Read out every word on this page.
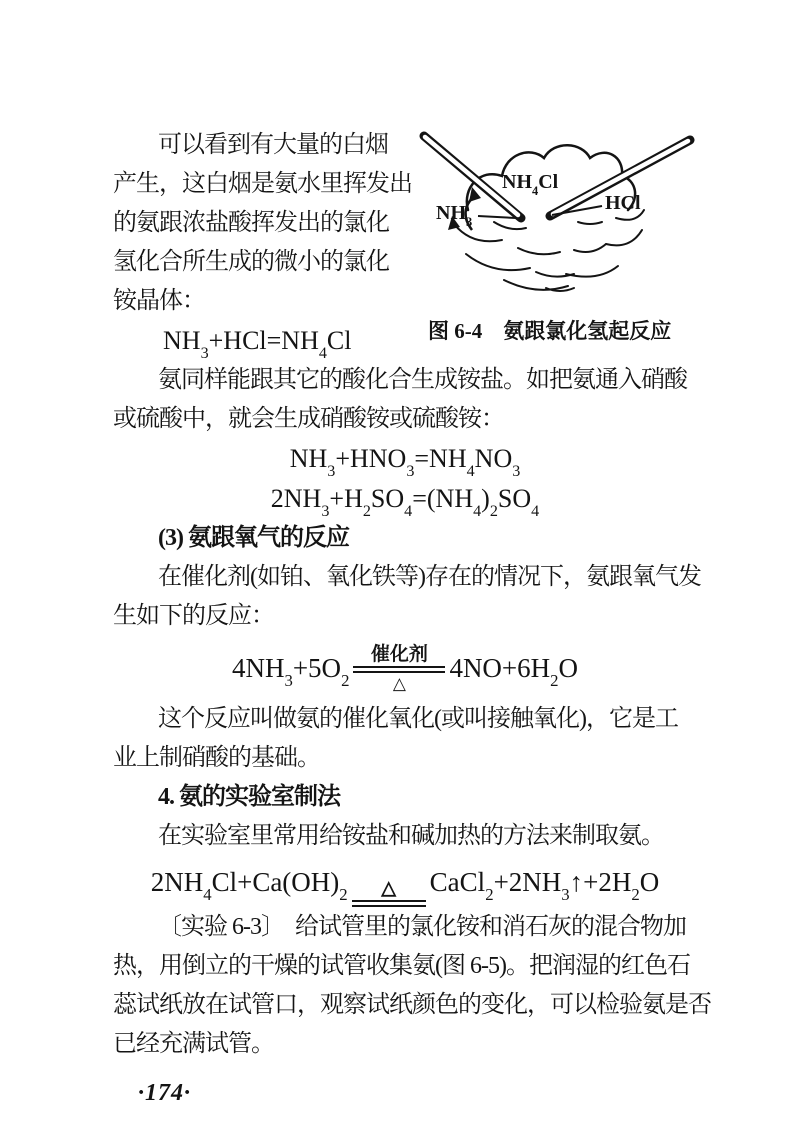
可以看到有大量的白烟
产生，这白烟是氨水里挥发出
的氨跟浓盐酸挥发出的氯化
氢化合所生成的微小的氯化
铵晶体：
$NH_3+HCl=NH_4Cl$
$NH_4Cl$
$NH_3$
HCl
图 6-4　氨跟氯化氢起反应
氨同样能跟其它的酸化合生成铵盐。如把氨通入硝酸
或硫酸中，就会生成硝酸铵或硫酸铵：
$NH_3+HNO_3=NH_4NO_3$
$2NH_3+H_2SO_4=(NH_4)_2SO_4$
(3) 氨跟氧气的反应
在催化剂(如铂、氧化铁等)存在的情况下，氨跟氧气发
生如下的反应：
$4NH_3+5O_2$
催化剂
△
$4NO+6H_2O$
这个反应叫做氨的催化氧化(或叫接触氧化)，它是工
业上制硝酸的基础。
4. 氨的实验室制法
在实验室里常用给铵盐和碱加热的方法来制取氨。
$2NH_4Cl+Ca(OH)_2$ △ $CaCl_2+2NH_3↑+2H_2O$
〔实验 6-3〕　给试管里的氯化铵和消石灰的混合物加
热，用倒立的干燥的试管收集氨(图 6-5)。把润湿的红色石
蕊试纸放在试管口，观察试纸颜色的变化，可以检验氨是否
已经充满试管。
·174·
